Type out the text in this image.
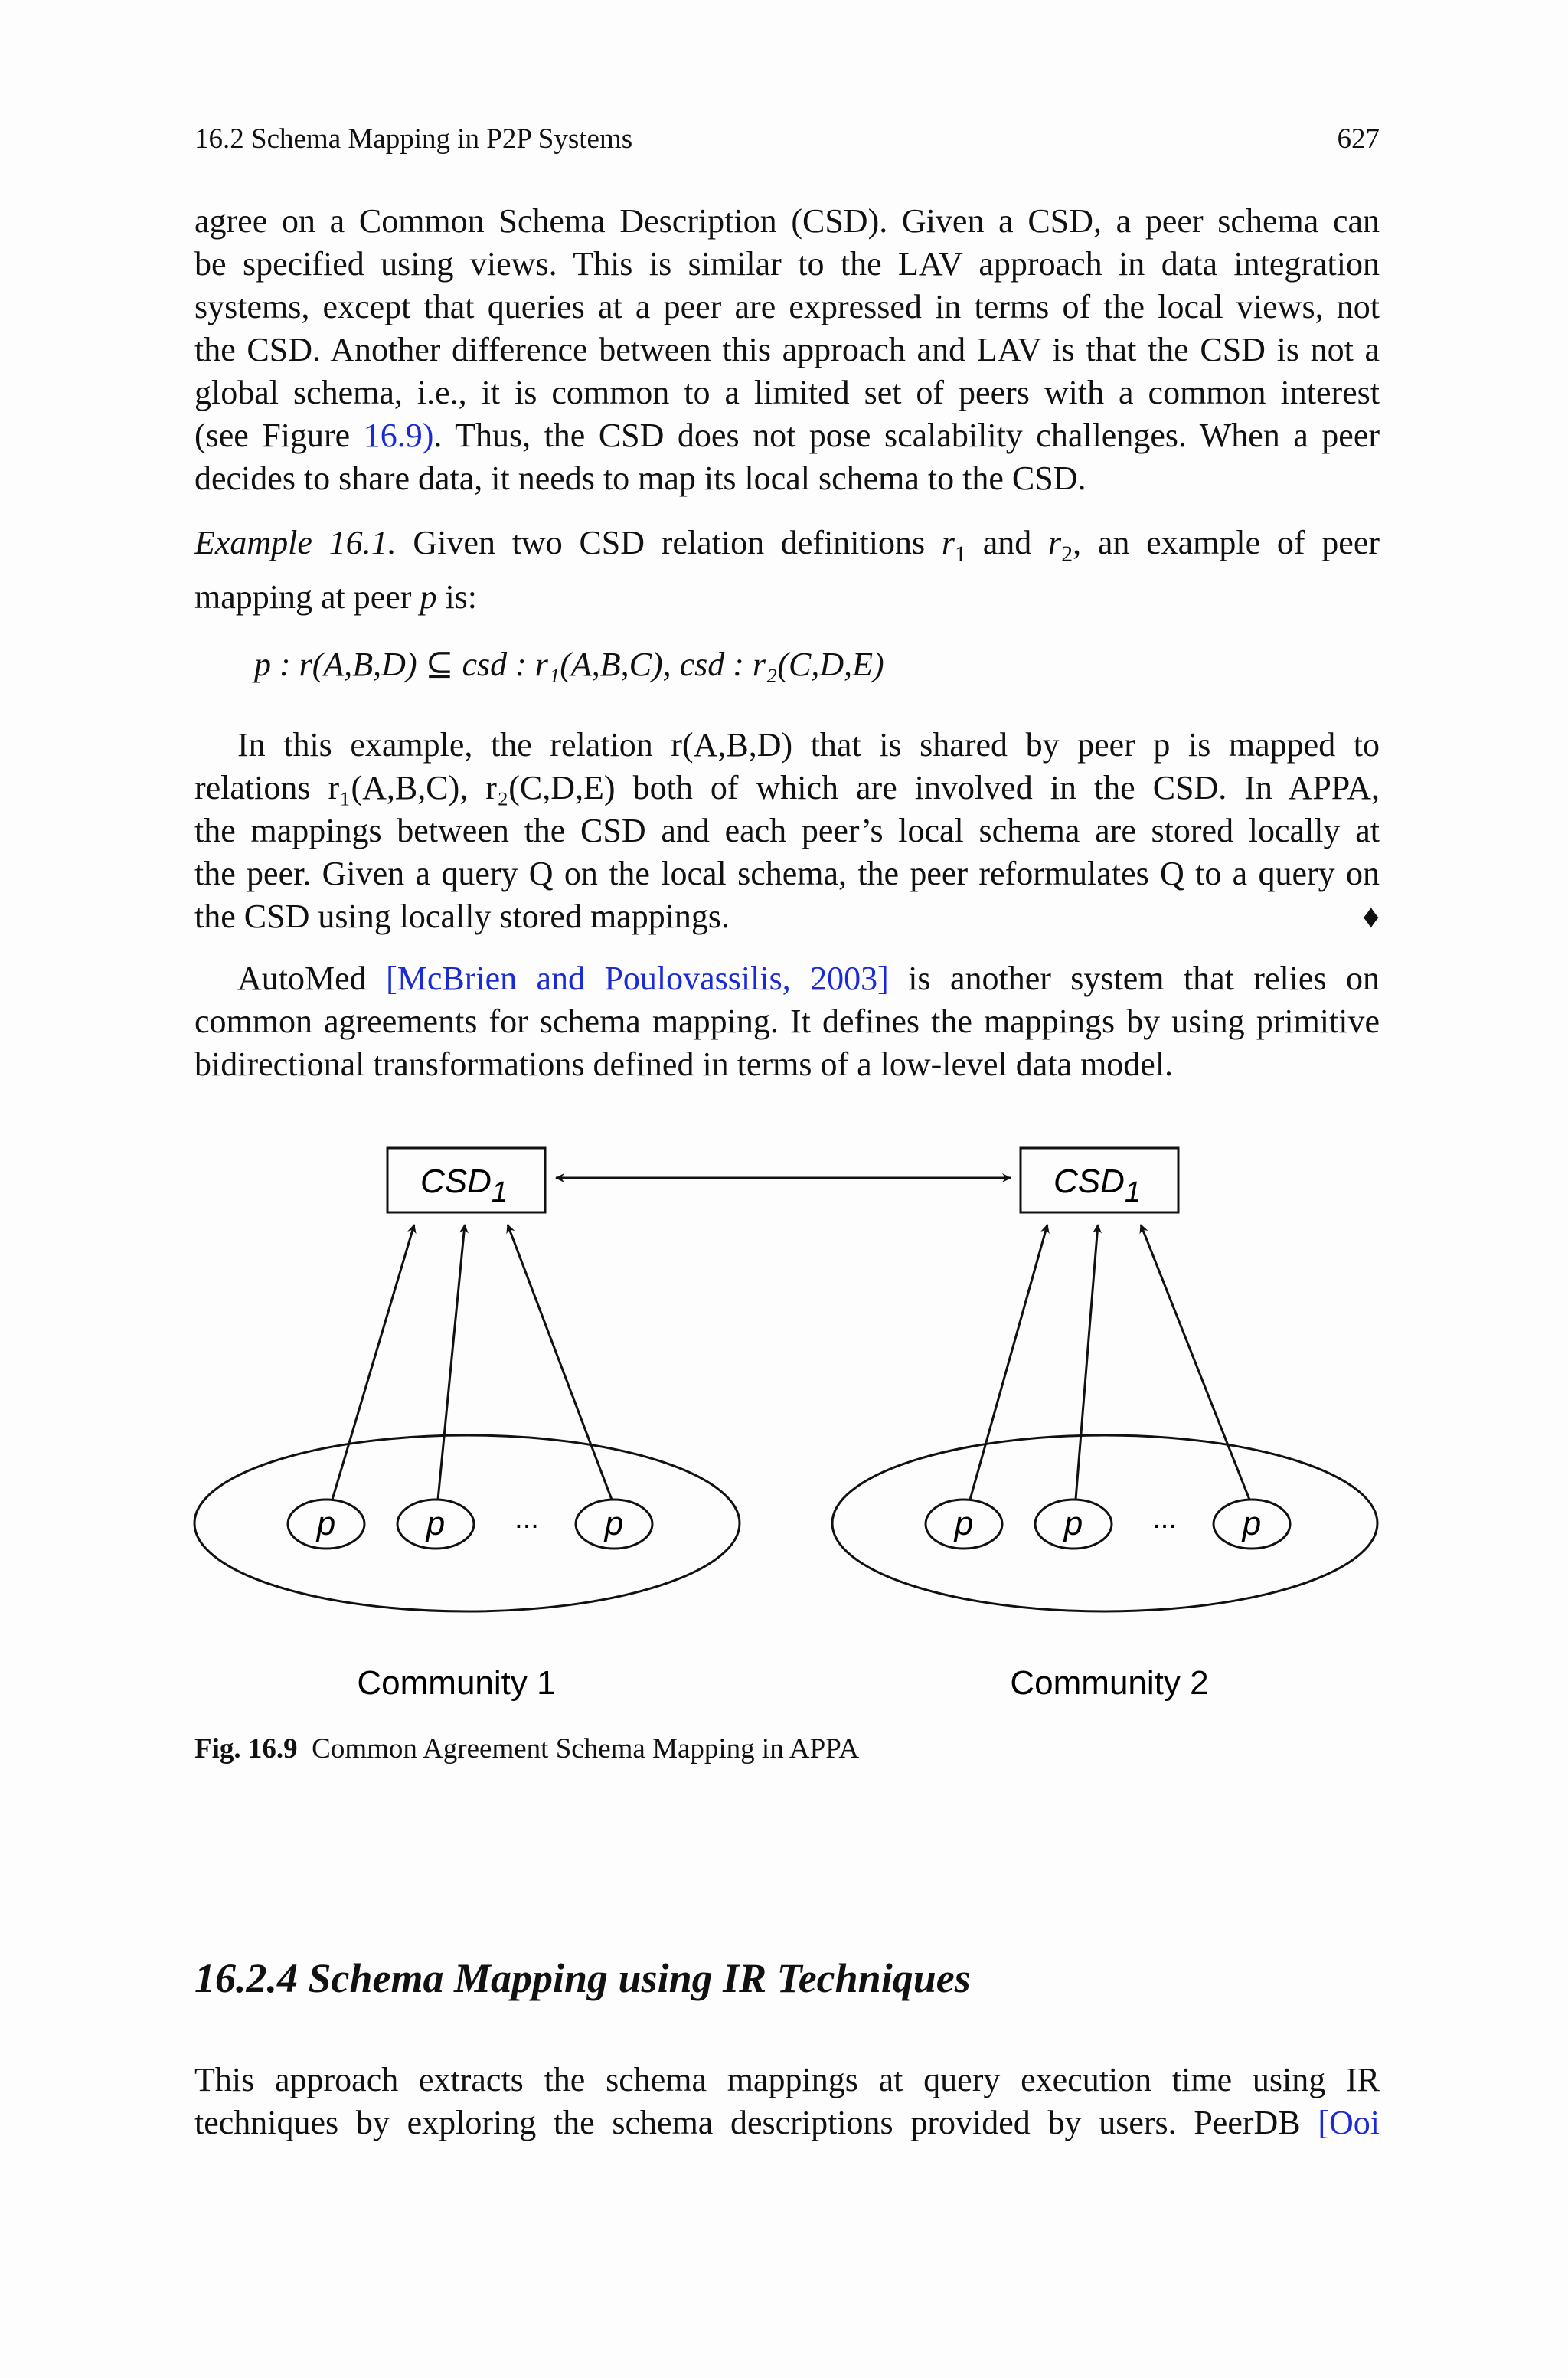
16.2 Schema Mapping in P2P Systems	627
agree on a Common Schema Description (CSD). Given a CSD, a peer schema can
be specified using views. This is similar to the LAV approach in data integration
systems, except that queries at a peer are expressed in terms of the local views, not
the CSD. Another difference between this approach and LAV is that the CSD is not a
global schema, i.e., it is common to a limited set of peers with a common interest
(see Figure 16.9). Thus, the CSD does not pose scalability challenges. When a peer
decides to share data, it needs to map its local schema to the CSD.
Example 16.1. Given two CSD relation definitions $r_1$ and $r_2$, an example of peer
mapping at peer p is:
p : r(A,B,D) ⊆ csd : r₁(A,B,C), csd : r₂(C,D,E)
In this example, the relation r(A,B,D) that is shared by peer p is mapped to
relations r₁(A,B,C), r₂(C,D,E) both of which are involved in the CSD. In APPA,
the mappings between the CSD and each peer’s local schema are stored locally at
the peer. Given a query Q on the local schema, the peer reformulates Q to a query on
the CSD using locally stored mappings.	♦
AutoMed [McBrien and Poulovassilis, 2003] is another system that relies on
common agreements for schema mapping. It defines the mappings by using primitive
bidirectional transformations defined in terms of a low-level data model.
CSD1	CSD1
p	p	p
...	p	p	p
...
Community 1	Community 2
Fig. 16.9 Common Agreement Schema Mapping in APPA
16.2.4 Schema Mapping using IR Techniques
This approach extracts the schema mappings at query execution time using IR
techniques by exploring the schema descriptions provided by users. PeerDB [Ooi
